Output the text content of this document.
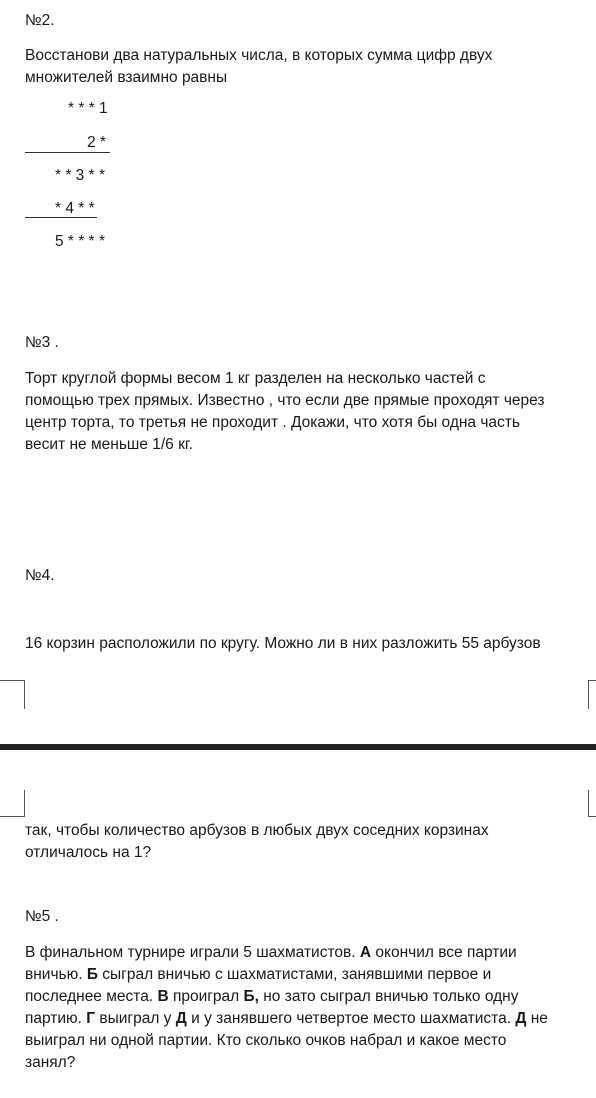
№2.
Восстанови два натуральных числа, в которых сумма цифр двух
множителей взаимно равны
* * * 1
2 *
* * 3 * *
* 4 * *
5 * * * *
№3 .
Торт круглой формы весом 1 кг разделен на несколько частей с
помощью трех прямых. Известно , что если две прямые проходят через
центр торта, то третья не проходит . Докажи, что хотя бы одна часть
весит не меньше 1/6 кг.
№4.
16 корзин расположили по кругу. Можно ли в них разложить 55 арбузов
так, чтобы количество арбузов в любых двух соседних корзинах
отличалось на 1?
№5 .
В финальном турнире играли 5 шахматистов. А окончил все партии
вничью. Б сыграл вничью с шахматистами, занявшими первое и
последнее места. В проиграл Б, но зато сыграл вничью только одну
партию. Г выиграл у Д и у занявшего четвертое место шахматиста. Д не
выиграл ни одной партии. Кто сколько очков набрал и какое место
занял?
